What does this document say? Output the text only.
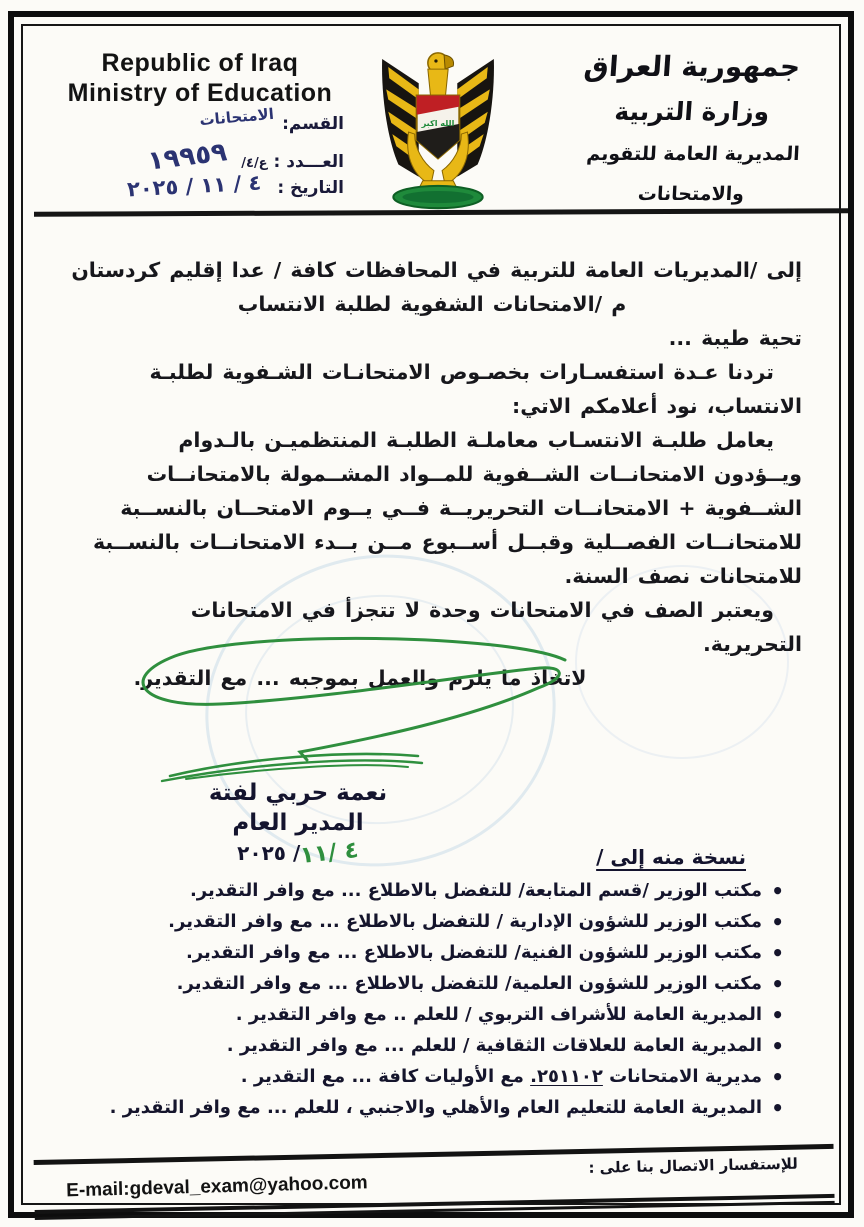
Republic of Iraq
Ministry of Education
القسم: الامتحانات
العـــدد : ع/٤/ ١٩٩٥٩
التاريخ : ٤ / ١١ / ٢٠٢٥
الله اكبر
جمهورية العراق
وزارة التربية
المديرية العامة للتقويم والامتحانات
إلى /المديريات العامة للتربية في المحافظات كافة / عدا إقليم كردستان
م /الامتحانات الشفوية لطلبة الانتساب
تحية طيبة ...
تردنا عـدة استفسـارات بخصـوص الامتحانـات الشـفوية لطلبـة
الانتساب، نود أعلامكم الاتي:
يعامل طلبـة الانتسـاب معاملـة الطلبـة المنتظميـن بالـدوام
ويــؤدون الامتحانــات الشــفوية للمــواد المشــمولة بالامتحانــات
الشــفوية + الامتحانــات التحريريــة فــي يــوم الامتحــان بالنســبة
للامتحانــات الفصــلية وقبــل أســبوع مــن بــدء الامتحانــات بالنســبة
للامتحانات نصف السنة.
ويعتبر الصف في الامتحانات وحدة لا تتجزأ في الامتحانات
التحريرية.
لاتخاذ ما يلزم والعمل بموجبه ... مع التقدير.
نعمة حربي لفتة
المدير العام
٤ /١١/ ٢٠٢٥	نسخة منه إلى /
• مكتب الوزير /قسم المتابعة/ للتفضل بالاطلاع ... مع وافر التقدير.
• مكتب الوزير للشؤون الإدارية / للتفضل بالاطلاع ... مع وافر التقدير.
• مكتب الوزير للشؤون الفنية/ للتفضل بالاطلاع ... مع وافر التقدير.
• مكتب الوزير للشؤون العلمية/ للتفضل بالاطلاع ... مع وافر التقدير.
• المديرية العامة للأشراف التربوي / للعلم .. مع وافر التقدير .
• المديرية العامة للعلاقات الثقافية / للعلم ... مع وافر التقدير .
• مديرية الامتحانات ٢٥١١٠٢. مع الأوليات كافة ... مع التقدير .
• المديرية العامة للتعليم العام والأهلي والاجنبي ، للعلم ... مع وافر التقدير .
للإستفسار الاتصال بنا على :
E-mail:gdeval_exam@yahoo.com
